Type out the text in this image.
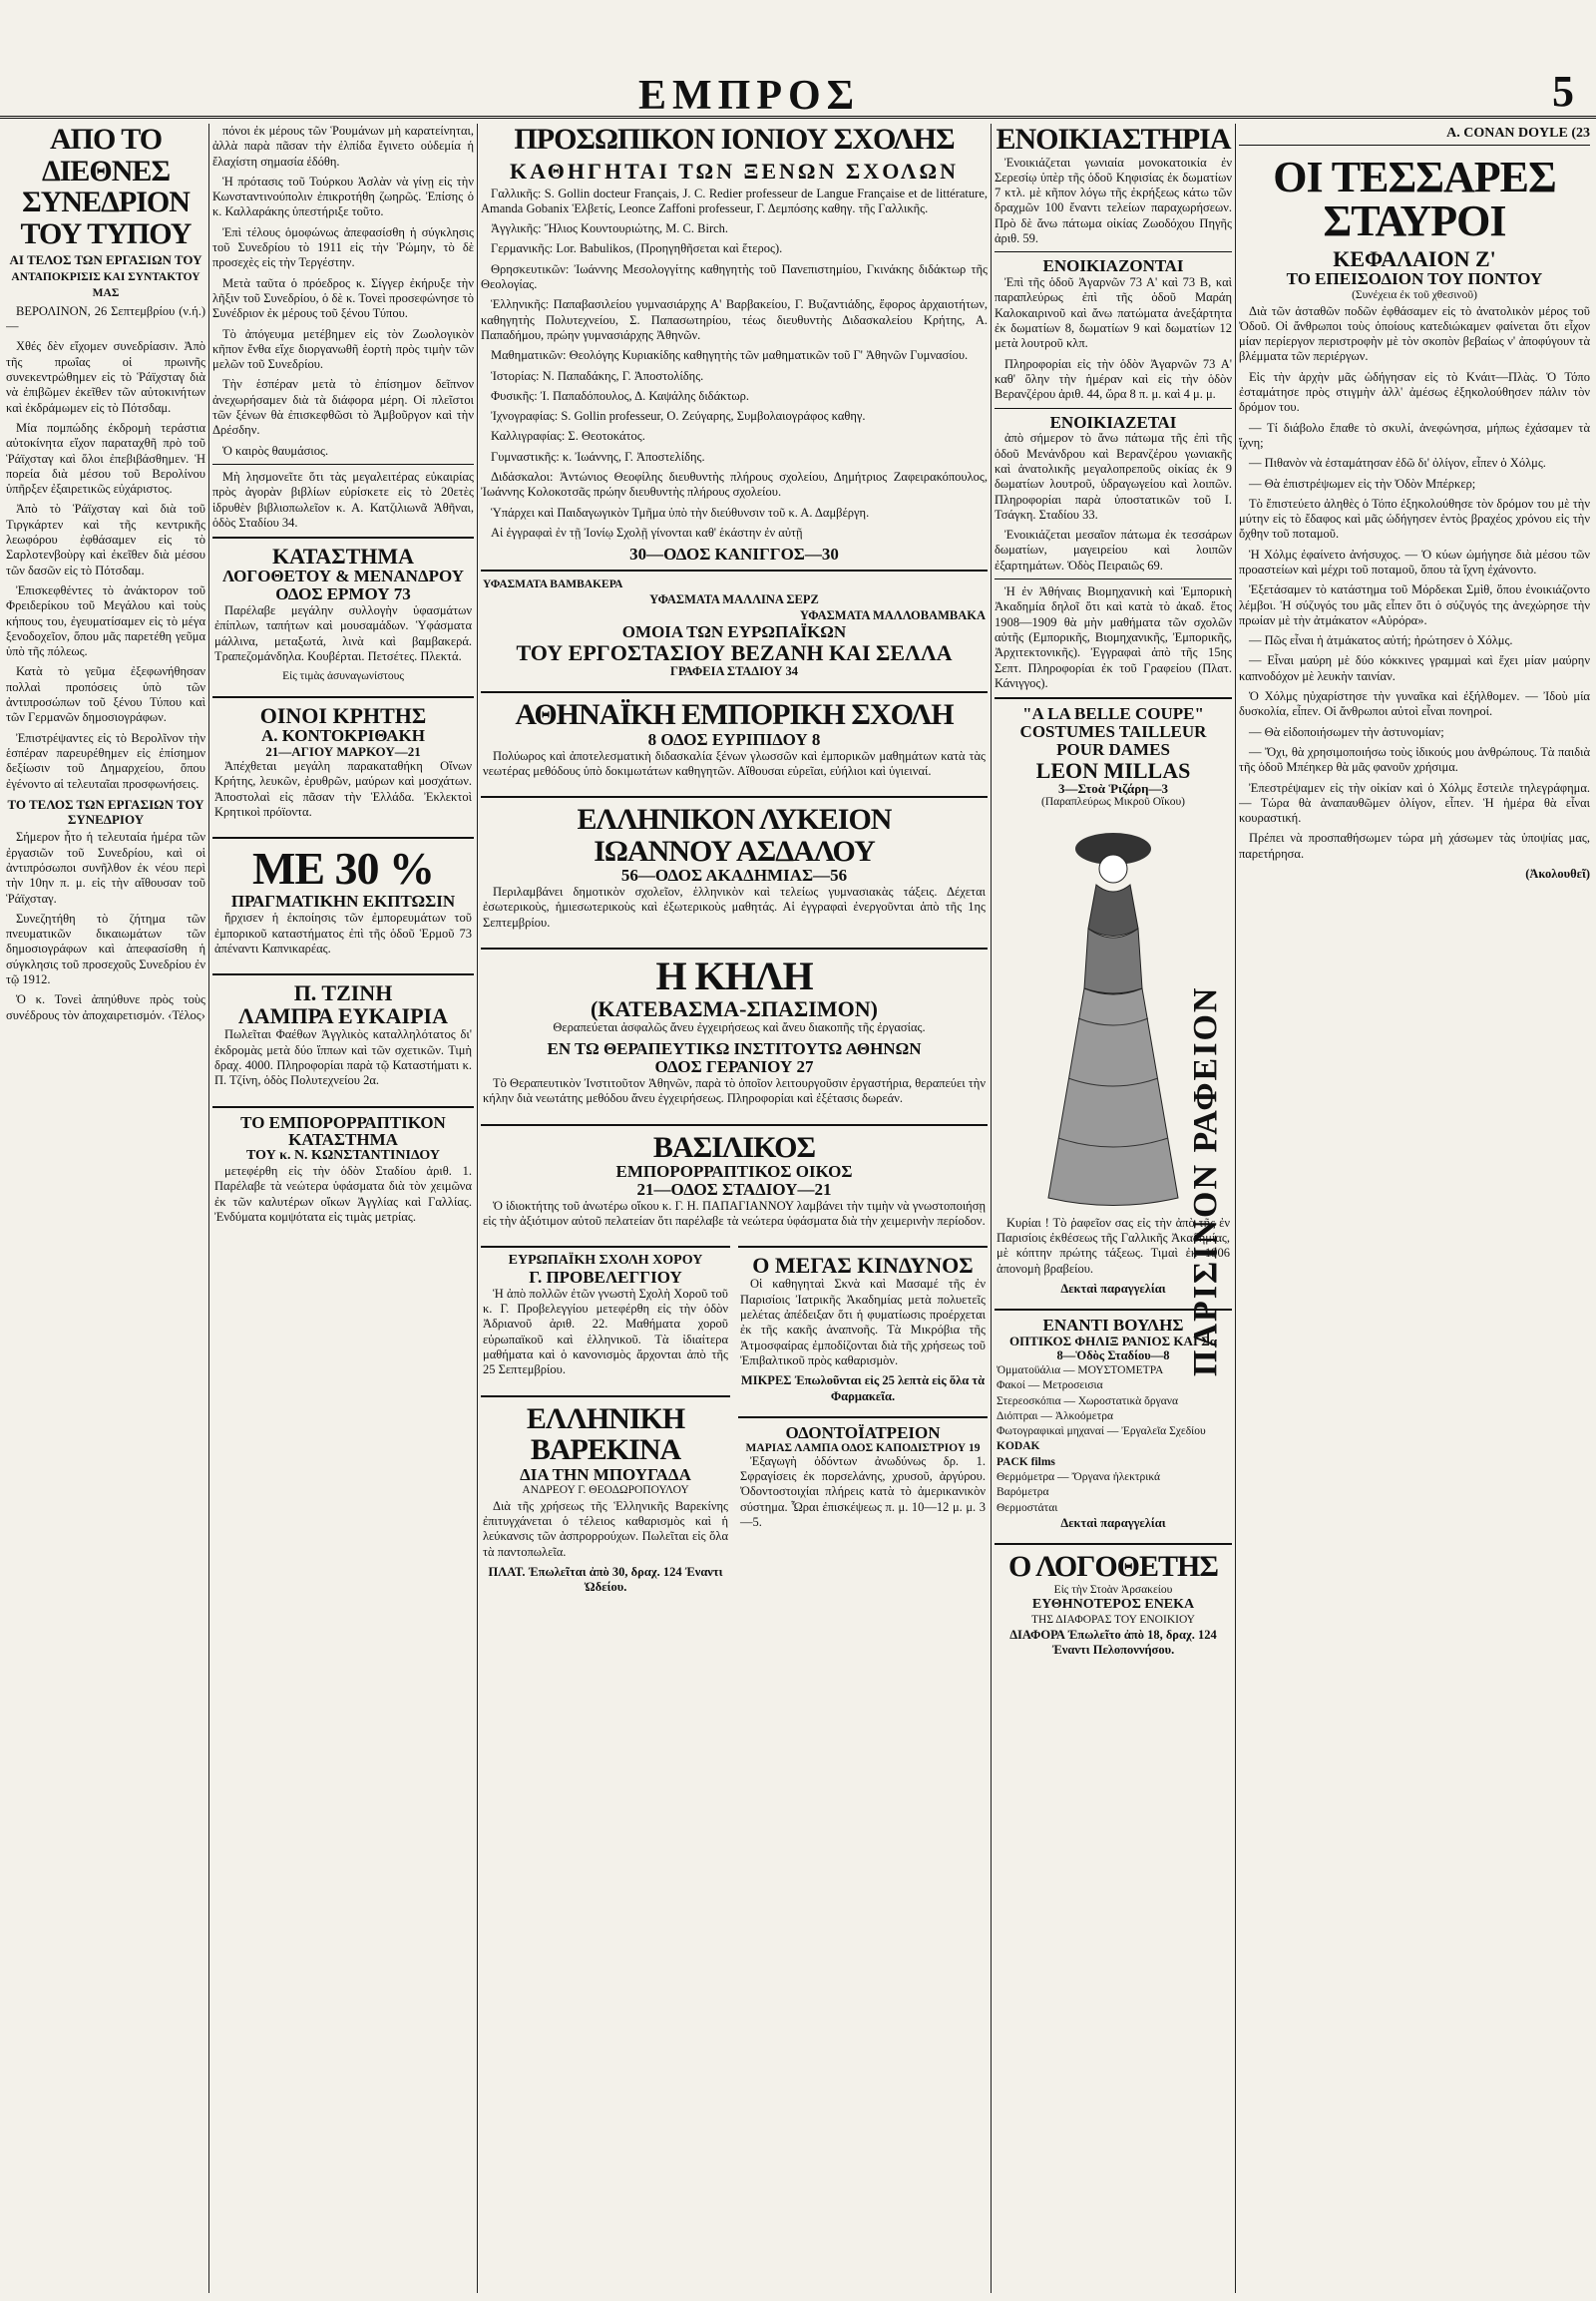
ΕΜΠΡΟΣ	5
ΑΠΟ ΤΟ ΔΙΕΘΝΕΣ ΣΥΝΕΔΡΙΟΝ ΤΟΥ ΤΥΠΟΥ
ΑΙ ΤΕΛΟΣ ΤΩΝ ΕΡΓΑΣΙΩΝ ΤΟΥ
ΑΝΤΑΠΟΚΡΙΣΙΣ ΚΑΙ ΣΥΝΤΑΚΤΟΥ ΜΑΣ

ΒΕΡΟΛΙΝΟΝ, 26 Σεπτεμβρίου (ν.ή.)—

Χθές δὲν εἴχομεν συνεδρίασιν. Ἀπὸ τῆς πρωΐας οἱ πρωινῆς συνεκεντρώθημεν εἰς τὸ Ῥάϊχσταγ διὰ νὰ ἐπιβῶμεν ἐκεῖθεν τῶν αὐτοκινήτων καὶ ἐκδράμωμεν εἰς τὸ Πότσδαμ.

Μία πομπώδης ἐκδρομὴ τεράστια αὐτοκίνητα εἴχον παραταχθῆ πρὸ τοῦ Ῥάϊχσταγ καὶ ὅλοι ἐπεβιβάσθημεν. Ἡ πορεία διὰ μέσου τοῦ Βερολίνου ὑπῆρξεν ἐξαιρετικῶς εὐχάριστος.

Ἀπὸ τὸ Ῥάϊχσταγ καὶ διὰ τοῦ Τιργκάρτεν καὶ τῆς κεντρικῆς λεωφόρου ἐφθάσαμεν εἰς τὸ Σαρλοτενβοὺργ καὶ ἐκεῖθεν διὰ μέσου τῶν δασῶν εἰς τὸ Πότσδαμ.

Ἐπισκεφθέντες τὸ ἀνάκτορον τοῦ Φρειδερίκου τοῦ Μεγάλου καὶ τοὺς κήπους του, ἐγευματίσαμεν εἰς τὸ μέγα ξενοδοχεῖον, ὅπου μᾶς παρετέθη γεῦμα ὑπὸ τῆς πόλεως.

Κατὰ τὸ γεῦμα ἐξεφωνήθησαν πολλαὶ προπόσεις ὑπὸ τῶν ἀντιπροσώπων τοῦ ξένου Τύπου καὶ τῶν Γερμανῶν δημοσιογράφων.

Ἐπιστρέψαντες εἰς τὸ Βερολῖνον τὴν ἑσπέραν παρευρέθημεν εἰς ἐπίσημον δεξίωσιν τοῦ Δημαρχείου, ὅπου ἐγένοντο αἱ τελευταῖαι προσφωνήσεις.

ΤΟ ΤΕΛΟΣ ΤΩΝ ΕΡΓΑΣΙΩΝ ΤΟΥ ΣΥΝΕΔΡΙΟΥ

Σήμερον ἦτο ἡ τελευταία ἡμέρα τῶν ἐργασιῶν τοῦ Συνεδρίου, καὶ οἱ ἀντιπρόσωποι συνῆλθον ἐκ νέου περὶ τὴν 10ην π. μ. εἰς τὴν αἴθουσαν τοῦ Ῥάϊχσταγ.

Συνεζητήθη τὸ ζήτημα τῶν πνευματικῶν δικαιωμάτων τῶν δημοσιογράφων καὶ ἀπεφασίσθη ἡ σύγκλησις τοῦ προσεχοῦς Συνεδρίου ἐν τῷ 1912.

Ὁ κ. Τονεὶ ἀπηύθυνε πρὸς τοὺς συνέδρους τὸν ἀποχαιρετισμόν. ‹Τέλος›

πόνοι ἐκ μέρους τῶν Ῥουμάνων μὴ καρατείνηται, ἀλλὰ παρὰ πᾶσαν τὴν ἐλπίδα ἔγινετο οὐδεμία ἡ ἔλαχίστη σημασία ἐδόθη.

Ἡ πρότασις τοῦ Τούρκου Ἀσλὰν νὰ γίνῃ εἰς τὴν Κωνσταντινούπολιν ἐπικροτήθη ζωηρῶς. Ἐπίσης ὁ κ. Καλλαράκης ὑπεστήριξε τοῦτο.

Ἐπὶ τέλους ὁμοφώνως ἀπεφασίσθη ἡ σύγκλησις τοῦ Συνεδρίου τὸ 1911 εἰς τὴν Ῥώμην, τὸ δὲ προσεχὲς εἰς τὴν Τεργέστην.

Μετὰ ταῦτα ὁ πρόεδρος κ. Σίγγερ ἐκήρυξε τὴν λῆξιν τοῦ Συνεδρίου, ὁ δὲ κ. Τονεὶ προσεφώνησε τὸ Συνέδριον ἐκ μέρους τοῦ ξένου Τύπου.

Τὸ ἀπόγευμα μετέβημεν εἰς τὸν Ζωολογικὸν κῆπον ἔνθα εἴχε διοργανωθῆ ἑορτὴ πρὸς τιμὴν τῶν μελῶν τοῦ Συνεδρίου.

Τὴν ἑσπέραν μετὰ τὸ ἐπίσημον δεῖπνον ἀνεχωρήσαμεν διὰ τὰ διάφορα μέρη. Οἱ πλεῖστοι τῶν ξένων θὰ ἐπισκεφθῶσι τὸ Ἀμβοῦργον καὶ τὴν Δρέσδην.

Ὁ καιρὸς θαυμάσιος.

Μὴ λησμονεῖτε ὅτι τὰς μεγαλειτέρας εὐκαιρίας πρὸς ἀγορὰν βιβλίων εὑρίσκετε εἰς τὸ 20ετὲς ἱδρυθὲν βιβλιοπωλεῖον κ. Α. Κατζιλιωνᾶ Ἀθῆναι, ὁδὸς Σταδίου 34.

ΚΑΤΑΣΤΗΜΑ
ΛΟΓΟΘΕΤΟΥ & ΜΕΝΑΝΔΡΟΥ
ΟΔΟΣ ΕΡΜΟΥ 73

Παρέλαβε μεγάλην συλλογὴν ὑφασμάτων ἐπίπλων, ταπήτων καὶ μουσαμάδων. Ὑφάσματα μάλλινα, μεταξωτά, λινὰ καὶ βαμβακερά. Τραπεζομάνδηλα. Κουβέρται. Πετσέτες. Πλεκτά.

Εἰς τιμὰς ἀσυναγωνίστους
ΟΙΝΟΙ ΚΡΗΤΗΣ
Α. ΚΟΝΤΟΚΡΙΘΑΚΗ
21—ΑΓΙΟΥ ΜΑΡΚΟΥ—21

Ἀπέχθεται μεγάλη παρακαταθήκη Οἴνων Κρήτης, λευκῶν, ἐρυθρῶν, μαύρων καὶ μοσχάτων. Ἀποστολαὶ εἰς πᾶσαν τὴν Ἑλλάδα. Ἐκλεκτοὶ Κρητικοὶ πρόϊοντα.

ΜΕ 30 %
ΠΡΑΓΜΑΤΙΚΗΝ ΕΚΠΤΩΣΙΝ

ἤρχισεν ἡ ἐκποίησις τῶν ἐμπορευμάτων τοῦ ἐμπορικοῦ καταστήματος ἐπὶ τῆς ὁδοῦ Ἑρμοῦ 73 ἀπέναντι Καπνικαρέας.

Π. ΤΖΙΝΗ
ΛΑΜΠΡΑ ΕΥΚΑΙΡΙΑ

Πωλεῖται Φαέθων Ἀγγλικὸς καταλληλότατος δι' ἐκδρομὰς μετὰ δύο ἵππων καὶ τῶν σχετικῶν. Τιμὴ δραχ. 4000. Πληροφορίαι παρὰ τῷ Καταστήματι κ. Π. Τζίνη, ὁδὸς Πολυτεχνείου 2α.

ΤΟ ΕΜΠΟΡΟΡΡΑΠΤΙΚΟΝ ΚΑΤΑΣΤΗΜΑ
ΤΟΥ κ. Ν. ΚΩΝΣΤΑΝΤΙΝΙΔΟΥ

μετεφέρθη εἰς τὴν ὁδὸν Σταδίου ἀριθ. 1. Παρέλαβε τὰ νεώτερα ὑφάσματα διὰ τὸν χειμῶνα ἐκ τῶν καλυτέρων οἴκων Ἀγγλίας καὶ Γαλλίας. Ἐνδύματα κομψότατα εἰς τιμὰς μετρίας.

ΠΡΟΣΩΠΙΚΟΝ ΙΟΝΙΟΥ ΣΧΟΛΗΣ
ΚΑΘΗΓΗΤΑΙ ΤΩΝ ΞΕΝΩΝ ΣΧΟΛΩΝ

Γαλλικῆς: S. Gollin docteur Français, J. C. Redier professeur de Langue Française et de littérature, Amanda Gobanix Ἑλβετίς, Leonce Zaffoni professeur, Γ. Δεμπόσης καθηγ. τῆς Γαλλικῆς.

Ἀγγλικῆς: Ἤλιος Κουντουριώτης, M. C. Birch.

Γερμανικῆς: Lor. Babulikos, (Προηγηθῆσεται καὶ ἕτερος).

Θρησκευτικῶν: Ἰωάννης Μεσολογγίτης καθηγητὴς τοῦ Πανεπιστημίου, Γκινάκης διδάκτωρ τῆς Θεολογίας.

Ἑλληνικῆς: Παπαβασιλείου γυμνασιάρχης Α' Βαρβακείου, Γ. Βυζαντιάδης, ἔφορος ἀρχαιοτήτων, καθηγητὴς Πολυτεχνείου, Σ. Παπασωτηρίου, τέως διευθυντὴς Διδασκαλείου Κρήτης, Α. Παπαδήμου, πρώην γυμνασιάρχης Ἀθηνῶν.

Μαθηματικῶν: Θεολόγης Κυριακίδης καθηγητὴς τῶν μαθηματικῶν τοῦ Γ' Ἀθηνῶν Γυμνασίου.

Ἱστορίας: Ν. Παπαδάκης, Γ. Ἀποστολίδης.

Φυσικῆς: Ἰ. Παπαδόπουλος, Δ. Καψάλης διδάκτωρ.

Ἰχνογραφίας: S. Gollin professeur, Ο. Ζεύγαρης, Συμβολαιογράφος καθηγ.

Καλλιγραφίας: Σ. Θεοτοκάτος.

Γυμναστικῆς: κ. Ἰωάννης, Γ. Ἀποστελίδης.

Διδάσκαλοι: Ἀντώνιος Θεοφίλης διευθυντὴς πλήρους σχολείου, Δημήτριος Ζαφειρακόπουλος, Ἰωάννης Κολοκοτσᾶς πρώην διευθυντὴς πλήρους σχολείου.

Ὑπάρχει καὶ Παιδαγωγικὸν Τμῆμα ὑπὸ τὴν διεύθυνσιν τοῦ κ. Α. Δαμβέργη.

Αἱ ἐγγραφαὶ ἐν τῇ Ἰονίῳ Σχολῇ γίνονται καθ' ἑκάστην ἐν αὐτῇ

30—ΟΔΟΣ ΚΑΝΙΓΓΟΣ—30
ΥΦΑΣΜΑΤΑ ΒΑΜΒΑΚΕΡΑ
ΥΦΑΣΜΑΤΑ ΜΑΛΛΙΝΑ ΣΕΡΖ
ΥΦΑΣΜΑΤΑ ΜΑΛΛΟΒΑΜΒΑΚΑ
ΟΜΟΙΑ ΤΩΝ ΕΥΡΩΠΑΪΚΩΝ
ΤΟΥ ΕΡΓΟΣΤΑΣΙΟΥ ΒΕΖΑΝΗ ΚΑΙ ΣΕΛΛΑ
ΓΡΑΦΕΙΑ ΣΤΑΔΙΟΥ 34
ΑΘΗΝΑΪΚΗ ΕΜΠΟΡΙΚΗ ΣΧΟΛΗ
8 ΟΔΟΣ ΕΥΡΙΠΙΔΟΥ 8

Πολύωρος καὶ ἀποτελεσματικὴ διδασκαλία ξένων γλωσσῶν καὶ ἐμπορικῶν μαθημάτων κατὰ τὰς νεωτέρας μεθόδους ὑπὸ δοκιμωτάτων καθηγητῶν. Αἴθουσαι εὐρεῖαι, εὐήλιοι καὶ ὑγιειναί.

ΕΛΛΗΝΙΚΟΝ ΛΥΚΕΙΟΝ
ΙΩΑΝΝΟΥ ΑΣΔΑΛΟΥ
56—ΟΔΟΣ ΑΚΑΔΗΜΙΑΣ—56

Περιλαμβάνει δημοτικὸν σχολεῖον, ἑλληνικὸν καὶ τελείως γυμνασιακὰς τάξεις. Δέχεται ἐσωτερικοὺς, ἡμιεσωτερικοὺς καὶ ἐξωτερικοὺς μαθητάς. Αἱ ἐγγραφαὶ ἐνεργοῦνται ἀπὸ τῆς 1ης Σεπτεμβρίου.

Η ΚΗΛΗ
(ΚΑΤΕΒΑΣΜΑ-ΣΠΑΣΙΜΟΝ)

Θεραπεύεται ἀσφαλῶς ἄνευ ἐγχειρήσεως καὶ ἄνευ διακοπῆς τῆς ἐργασίας.

ΕΝ ΤΩ ΘΕΡΑΠΕΥΤΙΚΩ ΙΝΣΤΙΤΟΥΤΩ ΑΘΗΝΩΝ
ΟΔΟΣ ΓΕΡΑΝΙΟΥ 27

Τὸ Θεραπευτικὸν Ἰνστιτοῦτον Ἀθηνῶν, παρὰ τὸ ὁποῖον λειτουργοῦσιν ἐργαστήρια, θεραπεύει τὴν κήλην διὰ νεωτάτης μεθόδου ἄνευ ἐγχειρήσεως. Πληροφορίαι καὶ ἐξέτασις δωρεάν.

ΒΑΣΙΛΙΚΟΣ
ΕΜΠΟΡΟΡΡΑΠΤΙΚΟΣ ΟΙΚΟΣ
21—ΟΔΟΣ ΣΤΑΔΙΟΥ—21

Ὁ ἱδιοκτήτης τοῦ ἀνωτέρω οἴκου κ. Γ. Η. ΠΑΠΑΓΙΑΝΝΟΥ λαμβάνει τὴν τιμὴν νὰ γνωστοποιήσῃ εἰς τὴν ἀξιότιμον αὐτοῦ πελατείαν ὅτι παρέλαβε τὰ νεώτερα ὑφάσματα διὰ τὴν χειμερινὴν περίοδον.

ΕΥΡΩΠΑΪΚΗ ΣΧΟΛΗ ΧΟΡΟΥ
Γ. ΠΡΟΒΕΛΕΓΓΙΟΥ

Ἡ ἀπὸ πολλῶν ἐτῶν γνωστὴ Σχολὴ Χοροῦ τοῦ κ. Γ. Προβελεγγίου μετεφέρθη εἰς τὴν ὁδὸν Ἀδριανοῦ ἀριθ. 22. Μαθήματα χοροῦ εὐρωπαϊκοῦ καὶ ἑλληνικοῦ. Τὰ ἰδιαίτερα μαθήματα καὶ ὁ κανονισμὸς ἄρχονται ἀπὸ τῆς 25 Σεπτεμβρίου.

ΕΛΛΗΝΙΚΗ
ΒΑΡΕΚΙΝΑ
ΔΙΑ ΤΗΝ ΜΠΟΥΓΑΔΑ
ΑΝΔΡΕΟΥ Γ. ΘΕΟΔΩΡΟΠΟΥΛΟΥ

Διὰ τῆς χρήσεως τῆς Ἑλληνικῆς Βαρεκίνης ἐπιτυγχάνεται ὁ τέλειος καθαρισμὸς καὶ ἡ λεύκανσις τῶν ἀσπρορρούχων. Πωλεῖται εἰς ὅλα τὰ παντοπωλεῖα.

ΠΛΑΤ. Ἐπωλεῖται ἀπὸ 30, δραχ. 124 Ἐναντι Ὠδείου.
Ο ΜΕΓΑΣ ΚΙΝΔΥΝΟΣ

Οἱ καθηγηταὶ Σκνὰ καὶ Μασαμέ τῆς ἐν Παρισίοις Ἰατρικῆς Ἀκαδημίας μετὰ πολυετεῖς μελέτας ἀπέδειξαν ὅτι ἡ φυματίωσις προέρχεται ἐκ τῆς κακῆς ἀναπνοῆς. Τὰ Μικρόβια τῆς Ἀτμοσφαίρας ἐμποδίζονται διὰ τῆς χρήσεως τοῦ Ἐπιβαλτικοῦ πρὸς καθαρισμὸν.

ΜΙΚΡΕΣ Ἐπωλοῦνται εἰς 25 λεπτὰ εἰς ὅλα τὰ Φαρμακεῖα.
ΟΔΟΝΤΟΪΑΤΡΕΙΟΝ
ΜΑΡΙΑΣ ΛΑΜΠΑ ΟΔΟΣ ΚΑΠΟΔΙΣΤΡΙΟΥ 19

Ἐξαγωγὴ ὀδόντων ἀνωδύνως δρ. 1. Σφραγίσεις ἐκ πορσελάνης, χρυσοῦ, ἀργύρου. Ὀδοντοστοιχίαι πλήρεις κατὰ τὸ ἀμερικανικὸν σύστημα. Ὧραι ἐπισκέψεως π. μ. 10—12 μ. μ. 3—5.

ΕΝΟΙΚΙΑΣΤΗΡΙΑ

Ἐνοικιάζεται γωνιαία μονοκατοικία ἐν Σερεσίῳ ὑπὲρ τῆς ὁδοῦ Κηφισίας ἐκ δωματίων 7 κτλ. μὲ κῆπον λόγω τῆς ἐκρήξεως κάτω τῶν δραχμῶν 100 ἔναντι τελείων παραχωρήσεων. Πρὸ δὲ ἄνω πάτωμα οἰκίας Ζωοδόχου Πηγῆς ἀριθ. 59.

ΕΝΟΙΚΙΑΖΟΝΤΑΙ

Ἐπὶ τῆς ὁδοῦ Ἀγαρνῶν 73 Α' καὶ 73 Β, καὶ παραπλεύρως ἐπὶ τῆς ὁδοῦ Μαράη Καλοκαιρινοῦ καὶ ἄνω πατώματα ἀνεξάρτητα ἐκ δωματίων 8, δωματίων 9 καὶ δωματίων 12 μετὰ λουτροῦ κλπ.

Πληροφορίαι εἰς τὴν ὁδὸν Ἀγαρνῶν 73 Α' καθ' ὅλην τὴν ἡμέραν καὶ εἰς τὴν ὁδὸν Βερανζέρου ἀριθ. 44, ὥρα 8 π. μ. καὶ 4 μ. μ.

ΕΝΟΙΚΙΑΖΕΤΑΙ

ἀπὸ σήμερον τὸ ἄνω πάτωμα τῆς ἐπὶ τῆς ὁδοῦ Μενάνδρου καὶ Βερανζέρου γωνιακῆς καὶ ἀνατολικῆς μεγαλοπρεποῦς οἰκίας ἐκ 9 δωματίων λουτροῦ, ὑδραγωγείου καὶ λοιπῶν. Πληροφορίαι παρὰ ὑποστατικῶν τοῦ Ι. Τσάγκη. Σταδίου 33.

Ἐνοικιάζεται μεσαῖον πάτωμα ἐκ τεσσάρων δωματίων, μαγειρείου καὶ λοιπῶν ἐξαρτημάτων. Ὁδὸς Πειραιῶς 69.

Ἡ ἐν Ἀθήναις Βιομηχανικὴ καὶ Ἐμπορικὴ Ἀκαδημία δηλοῖ ὅτι καὶ κατὰ τὸ ἀκαδ. ἔτος 1908—1909 θὰ μὴν μαθήματα τῶν σχολῶν αὐτῆς (Εμπορικῆς, Βιομηχανικῆς, Ἐμπορικῆς, Ἀρχιτεκτονικῆς). Ἐγγραφαὶ ἀπὸ τῆς 15ης Σεπτ. Πληροφορίαι ἐκ τοῦ Γραφείου (Πλατ. Κάνιγγος).

"A LA BELLE COUPE"
COSTUMES TAILLEUR
POUR DAMES
LEON MILLAS
3—Στοὰ Ῥιζάρη—3
(Παραπλεύρως Μικροῦ Οἴκου)

Κυρίαι ! Τὸ ῥαφεῖον σας εἰς τὴν ἀπὸ τῆς ἐν Παρισίοις ἐκθέσεως τῆς Γαλλικῆς Ἀκαδημίας, μὲ κόπτην πρώτης τάξεως. Τιμαὶ ἐκ 1906 ἀπονομὴ βραβείου.

Δεκταὶ παραγγελίαι
ΕΝΑΝΤΙ ΒΟΥΛΗΣ
ΟΠΤΙΚΟΣ ΦΗΛΙΞ ΡΑΝΙΟΣ ΚΑΙ Σα
8—Ὁδὸς Σταδίου—8
Ὀμματοϋάλια — ΜΟΥΣΤΟΜΕΤΡΑ
Φακοί — Μετρoσεισια
Στερεοσκόπια — Χωροστατικὰ ὄργανα
Διόπτραι — Ἀλκοόμετρα
Φωτογραφικαὶ μηχαναί — Ἐργαλεῖα Σχεδίου
KODAK
PACK films
Θερμόμετρα — Ὄργανα ἠλεκτρικά
Βαρόμετρα
Θερμοστάται
Δεκταὶ παραγγελίαι
Ο ΛΟΓΟΘΕΤΗΣ
Εἰς τὴν Στοὰν Ἀρσακείου
ΕΥΘΗΝΟΤΕΡΟΣ ΕΝΕΚΑ
ΤΗΣ ΔΙΑΦΟΡΑΣ ΤΟΥ ΕΝΟΙΚΙΟΥ
ΔΙΑΦΟΡΑ Ἐπωλεῖτο ἀπὸ 18, δραχ. 124 Ἐναντι Πελοποννήσου.
ΠΑΡΙΣΙΝΟΝ ΡΑΦΕΙΟΝ
Α. CONAN DOYLE (23
ΟΙ ΤΕΣΣΑΡΕΣ ΣΤΑΥΡΟΙ
ΚΕΦΑΛΑΙΟΝ Ζ'
ΤΟ ΕΠΕΙΣΟΔΙΟΝ ΤΟΥ ΠΟΝΤΟΥ
(Συνέχεια ἐκ τοῦ χθεσινοῦ)

Διὰ τῶν ἀσταθῶν ποδῶν ἐφθάσαμεν εἰς τὸ ἀνατολικὸν μέρος τοῦ Ὀδοῦ. Οἱ ἄνθρωποι τοὺς ὁποίους κατεδιώκαμεν φαίνεται ὅτι εἶχον μίαν περίεργον περιστροφὴν μὲ τὸν σκοπὸν βεβαίως ν' ἀποφύγουν τὰ βλέμματα τῶν περιέργων.

Εἰς τὴν ἀρχὴν μᾶς ὡδήγησαν εἰς τὸ Κνάιτ—Πλὰς. Ὁ Τόπο ἐσταμάτησε πρὸς στιγμὴν ἀλλ' ἀμέσως ἐξηκολούθησεν πάλιν τὸν δρόμον του.

— Τί διάβολο ἔπαθε τὸ σκυλί, ἀνεφώνησα, μήπως ἐχάσαμεν τὰ ἴχνη;

— Πιθανὸν νὰ ἐσταμάτησαν ἐδῶ δι' ὀλίγον, εἶπεν ὁ Χόλμς.

— Θὰ ἐπιστρέψωμεν εἰς τὴν Ὀδὸν Μπέρκερ;

Τὸ ἔπιστεύετο ἀληθὲς ὁ Τόπο ἐξηκολούθησε τὸν δρόμον του μὲ τὴν μύτην εἰς τὸ ἔδαφος καὶ μᾶς ὡδήγησεν ἐντὸς βραχέος χρόνου εἰς τὴν ὄχθην τοῦ ποταμοῦ.

Ἡ Χόλμς ἐφαίνετο ἀνήσυχος. — Ὁ κύων ὡμήγησε διὰ μέσου τῶν προαστείων καὶ μέχρι τοῦ ποταμοῦ, ὅπου τὰ ἴχνη ἐχάνοντο.

Ἐξετάσαμεν τὸ κατάστημα τοῦ Μόρδεκαι Σμὶθ, ὅπου ἐνοικιάζοντο λέμβοι. Ἡ σύζυγός του μᾶς εἶπεν ὅτι ὁ σύζυγός της ἀνεχώρησε τὴν πρωίαν μὲ τὴν ἀτμάκατον «Αὐρόρα».

— Πῶς εἶναι ἡ ἀτμάκατος αὐτή; ἠρώτησεν ὁ Χόλμς.

— Εἶναι μαύρη μὲ δύο κόκκινες γραμμαὶ καὶ ἔχει μίαν μαύρην καπνοδόχον μὲ λευκὴν ταινίαν.

Ὁ Χόλμς ηὐχαρίστησε τὴν γυναῖκα καὶ ἐξήλθομεν. — Ἰδοὺ μία δυσκολία, εἶπεν. Οἱ ἄνθρωποι αὐτοὶ εἶναι πονηροί.

— Θὰ εἰδοποιήσωμεν τὴν ἀστυνομίαν;

— Ὄχι, θὰ χρησιμοποιήσω τοὺς ἰδικούς μου ἀνθρώπους. Τὰ παιδιὰ τῆς ὁδοῦ Μπέηκερ θὰ μᾶς φανοῦν χρήσιμα.

Ἐπεστρέψαμεν εἰς τὴν οἰκίαν καὶ ὁ Χόλμς ἔστειλε τηλεγράφημα. — Τώρα θὰ ἀναπαυθῶμεν ὀλίγον, εἶπεν. Ἡ ἡμέρα θὰ εἶναι κουραστική.

Πρέπει νὰ προσπαθήσωμεν τώρα μὴ χάσωμεν τὰς ὑποψίας μας, παρετήρησα.

(Ἀκολουθεῖ)
